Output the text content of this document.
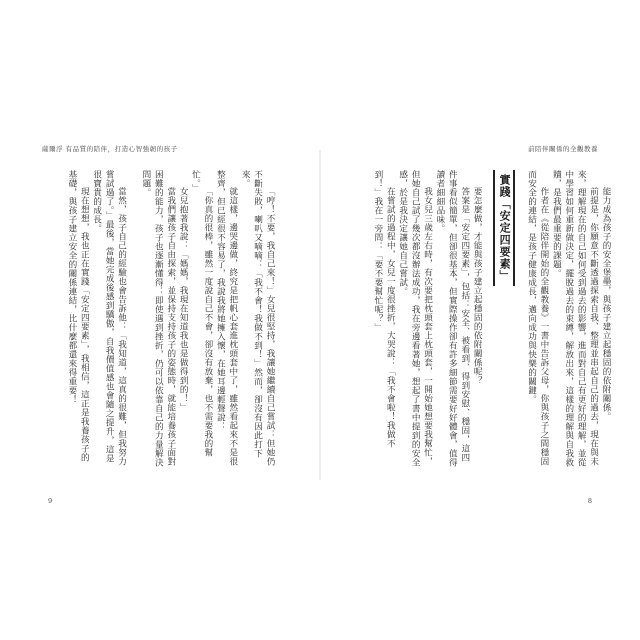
薩爾浮 有品質的陪伴，打造心智強韌的孩子

「哼！不要，我自己來！」女兒很堅持，我讓她繼續自己嘗試：但她仍不斷失敗，喇叭又嘀嘀：「我不會！我做不到！」然而，卻沒有因此打下來。

就這樣，邊哭邊做，終究是把帆心套進枕頭套中了，雖然看起來不是很整齊，但已經很不容易了，我說我將她擁入懷，在她耳邊輕聲說：

「你真的很棒，雖然一度說自己不會，卻沒有放棄，也不需要我的幫忙。」

女兒抱著我說：「媽媽，我現在知道我也是做得到的！」

當我們讓孩子自由探索，並保持支持孩子的姿態時，就能培養孩子面對困難的能力，孩子也逐漸懂得：即使遇到挫折，仍可以依靠自己的力量解決問題。

當然，孩子自己的經驗也會告訴他：「我知道，這真的很難，但我努力嘗試過了。」最後，當她完成後感到驕傲，自我價值感也會隨之提升，這是很寶貴的成長。

現在想想，我也正在實踐「安定四要素」，我相信，這正是我養孩子的基礎，與孩子建立安全的關係連結，比什麼都還來得重要！

9
前陪伴關係的全觀教養

能力成為孩子的安全堡壘，與孩子建立起穩固的依附關係。

前提是，你願意不斷透過探索自我、整理並串起自己的過去，現在與未來，理解現在的自己如何受到過去的影響，進而對自己有更好的理解，並從中學習如何重新做決定，擺脫過去的束縛，解放出來，這樣的理解與自我救贖，是我們最重要的課題。

作者在《從陪伴開始的全觀教養》一書中告訴父母，你與孩子之間穩固而安全的連結，是孩子健康成長，邁向成功與快樂的關鍵。

實踐「安定四要素」

要怎麼做，才能與孩子建立起穩固的依附關係呢？

答案是「安定四要素」，包括：安全、被看到、得到安慰、穩固，這四件事看似簡單，但卻很基本，但實際操作卻有許多細節需要好好體會，值得讀者細細品味。

我女兒三歲左右時，有次要把枕頭套上枕頭套，一開始她想要我幫忙，但她自己試了幾次都沒辦法成功，我在旁邊看著她，想起了書中提到的安全感，於是我決定讓她自己嘗試。

在嘗試的過程中，女兒一度很挫折，大哭說：「我不會啦！我做不到！」我在一旁問：「要不要幫忙呢？」

8
